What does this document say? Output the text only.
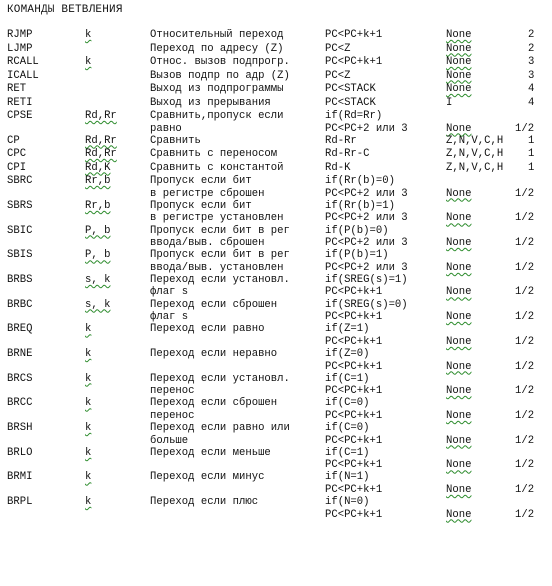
КОМАНДЫ ВЕТВЛЕНИЯ
RJMP	k	Относительный переход	PC<PC+k+1	None	2
LJMP	Переход по адресу (Z)	PC<Z	None	2
RCALL	k	Относ. вызов подпрогр.	PC<PC+k+1	None	3
ICALL	Вызов подпр по адр (Z)	PC<Z	None	3
RET	Выход из подпрограммы	PC<STACK	None	4
RETI	Выход из прерывания	PC<STACK	I	4
CPSE	Rd,Rr	Сравнить,пропуск если	if(Rd=Rr)
равно	PC<PC+2 или 3	None	1/2
CP	Rd,Rr	Сравнить	Rd-Rr	Z,N,V,C,H 1
CPC	Rd,Rr	Сравнить с переносом	Rd-Rr-C	Z,N,V,C,H 1
CPI	Rd,K	Сравнить с константой	Rd-K	Z,N,V,C,H 1
SBRC	Rr,b	Пропуск если бит	if(Rr(b)=0)
в регистре сброшен	PC<PC+2 или 3	None	1/2
SBRS	Rr,b	Пропуск если бит	if(Rr(b)=1)
в регистре установлен	PC<PC+2 или 3	None	1/2
SBIC	P, b	Пропуск если бит в рег	if(P(b)=0)
ввода/выв. сброшен	PC<PC+2 или 3	None	1/2
SBIS	P, b	Пропуск если бит в рег	if(P(b)=1)
ввода/выв. установлен	PC<PC+2 или 3	None	1/2
BRBS	s, k	Переход если установл.	if(SREG(s)=1)
флаг s	PC<PC+k+1	None	1/2
BRBC	s, k	Переход если сброшен	if(SREG(s)=0)
флаг s	PC<PC+k+1	None	1/2
BREQ	k	Переход если равно	if(Z=1)
PC<PC+k+1	None	1/2
BRNE	k	Переход если неравно	if(Z=0)
PC<PC+k+1	None	1/2
BRCS	k	Переход если установл.	if(C=1)
перенос	PC<PC+k+1	None	1/2
BRCC	k	Переход если сброшен	if(C=0)
перенос	PC<PC+k+1	None	1/2
BRSH	k	Переход если равно или	if(C=0)
больше	PC<PC+k+1	None	1/2
BRLO	k	Переход если меньше	if(C=1)
PC<PC+k+1	None	1/2
BRMI	k	Переход если минус	if(N=1)
PC<PC+k+1	None	1/2
BRPL	k	Переход если плюс	if(N=0)
PC<PC+k+1	None	1/2
